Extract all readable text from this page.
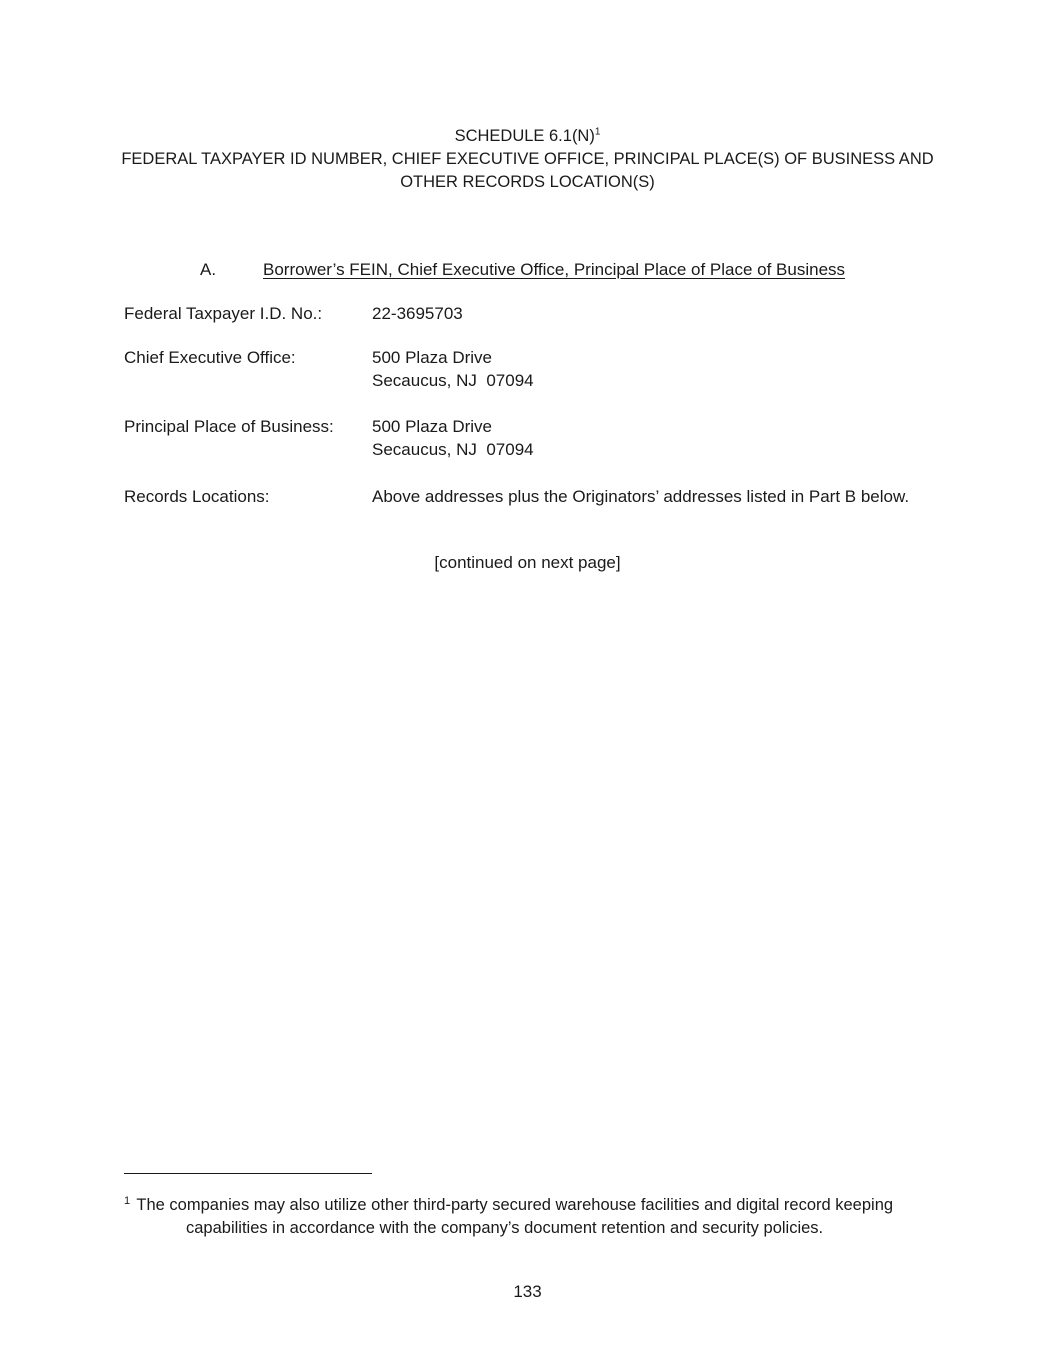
SCHEDULE $6.1(N)^1$
FEDERAL TAXPAYER ID NUMBER, CHIEF EXECUTIVE OFFICE, PRINCIPAL PLACE(S) OF BUSINESS AND
OTHER RECORDS LOCATION(S)
A.	Borrower’s FEIN, Chief Executive Office, Principal Place of Place of Business
Federal Taxpayer I.D. No.:	22-3695703
Chief Executive Office:	500 Plaza Drive
Secaucus, NJ  07094
Principal Place of Business: 500 Plaza Drive
Secaucus, NJ  07094
Records Locations:	Above addresses plus the Originators’ addresses listed in Part B below.
[continued on next page]
$^1$ The companies may also utilize other third-party secured warehouse facilities and digital record keeping
capabilities in accordance with the company’s document retention and security policies.
133
